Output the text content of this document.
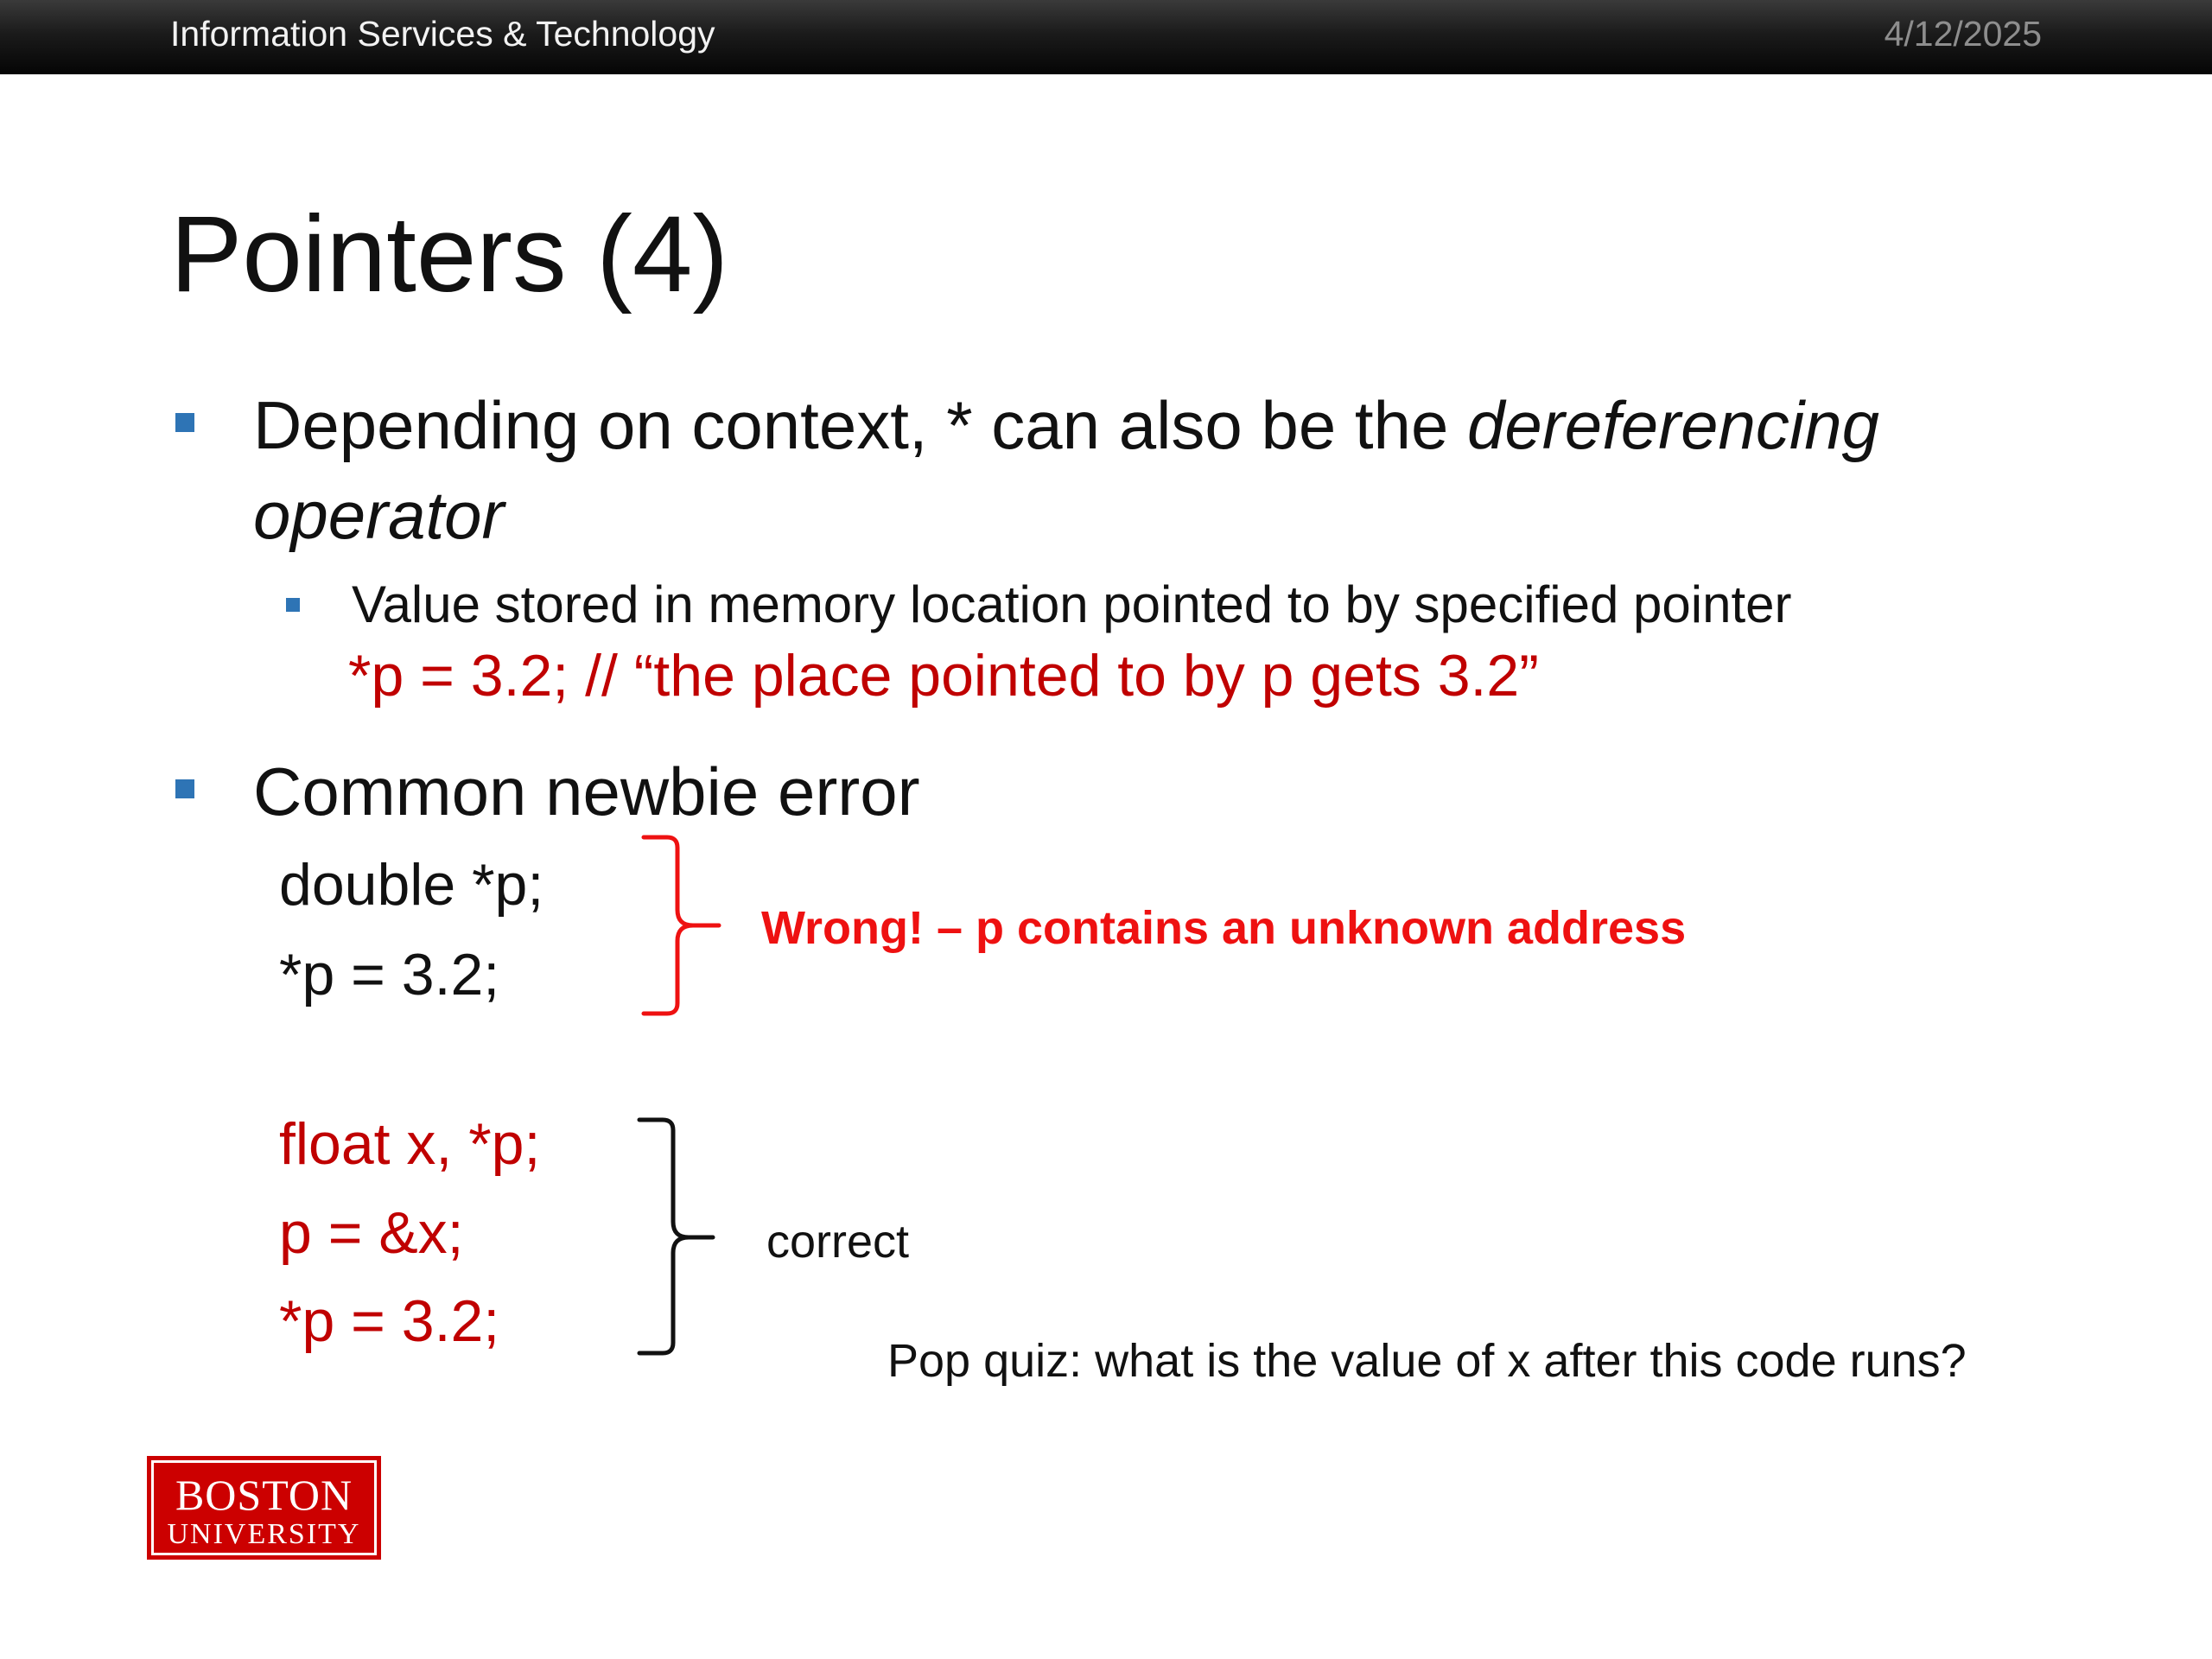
Information Services & Technology	4/12/2025
Pointers (4)
Depending on context, * can also be the dereferencing
operator
Value stored in memory location pointed to by specified pointer
*p = 3.2; // “the place pointed to by p gets 3.2”
Common newbie error
double *p;
*p = 3.2;
Wrong! – p contains an unknown address
float x, *p;
p = &x;
*p = 3.2;
correct
Pop quiz: what is the value of x after this code runs?
BOSTON
UNIVERSITY
